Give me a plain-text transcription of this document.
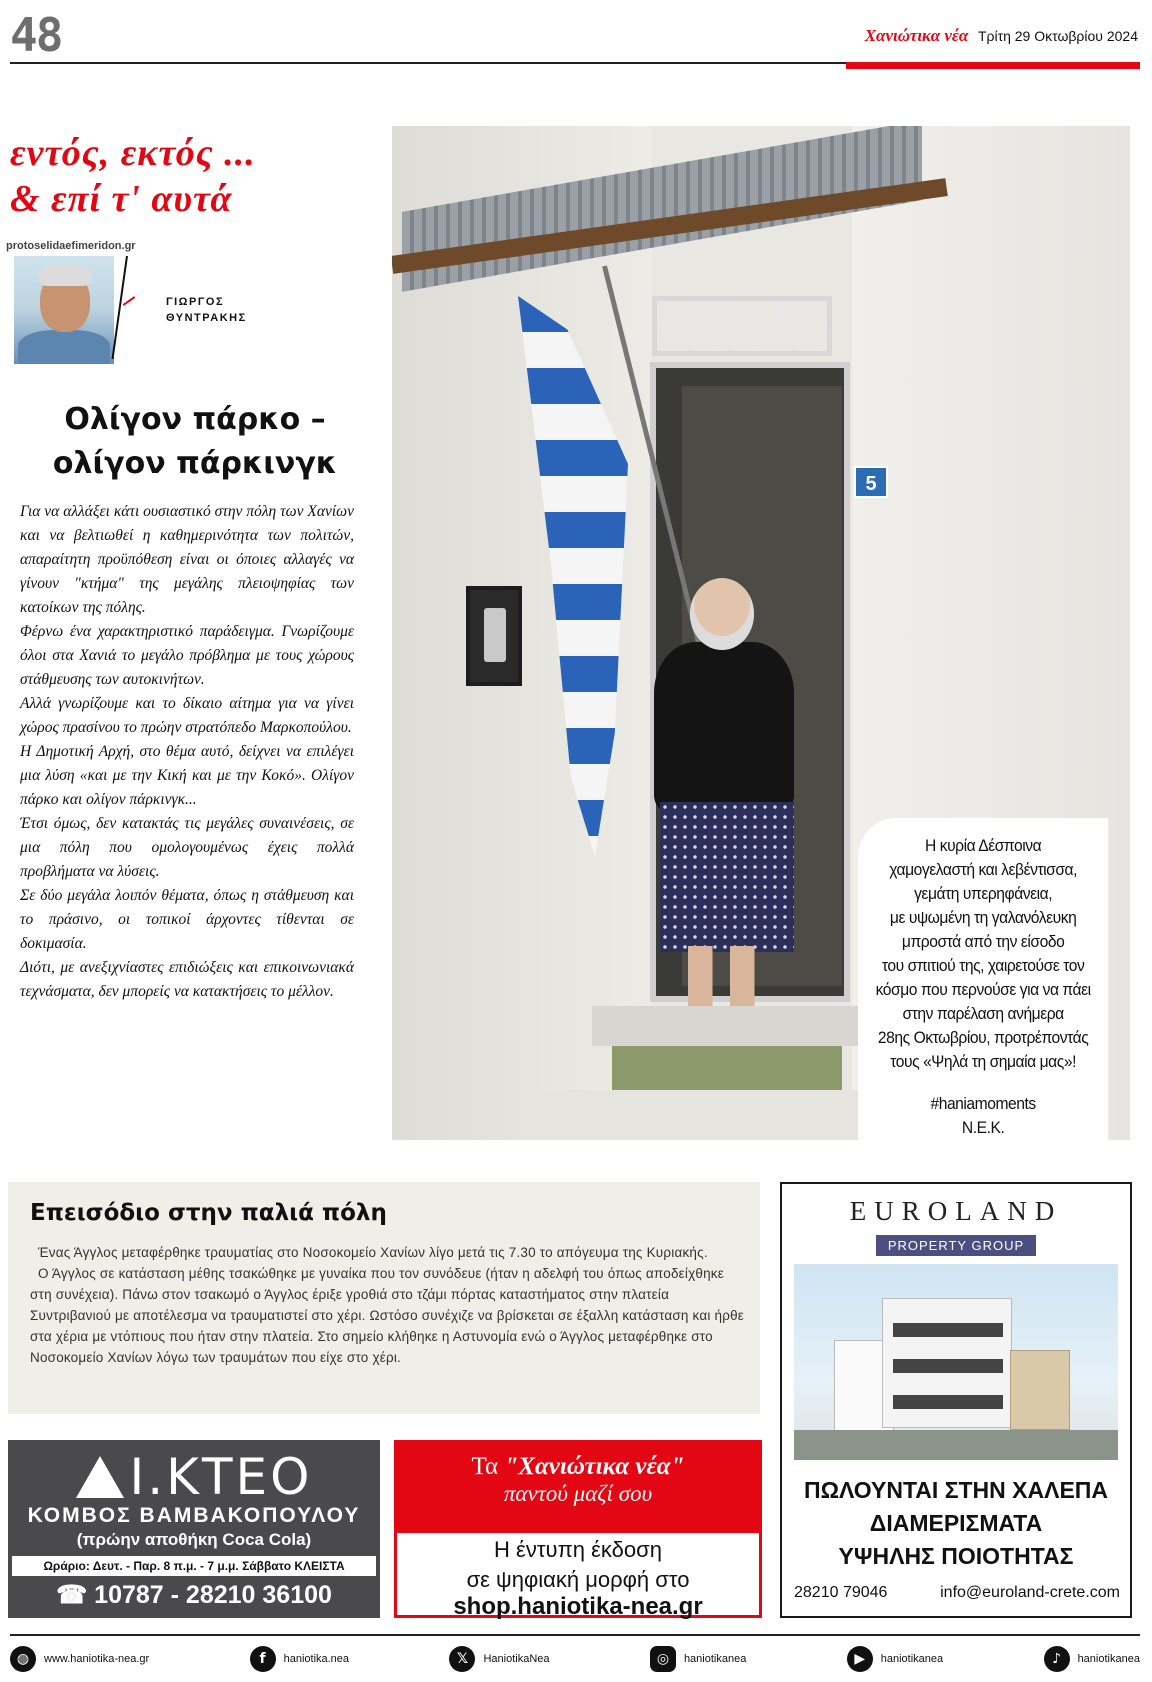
48	Χανιώτικα νέα Τρίτη 29 Οκτωβρίου 2024
εντός, εκτός ...
& επί τ' αυτά
protoselidaefimeridon.gr
ΓΙΩΡΓΟΣ
ΘΥΝΤΡΑΚΗΣ
Ολίγον πάρκο –
ολίγον πάρκινγκ

Για να αλλάξει κάτι ουσιαστικό στην πόλη των Χανίων και να βελτιωθεί η καθημερινότητα των πολιτών, απαραίτητη προϋπόθεση είναι οι όποιες αλλαγές να γίνουν "κτήμα" της μεγάλης πλειοψηφίας των κατοίκων της πόλης.

Φέρνω ένα χαρακτηριστικό παράδειγμα. Γνωρίζουμε όλοι στα Χανιά το μεγάλο πρόβλημα με τους χώρους στάθμευσης των αυτοκινήτων.

Αλλά γνωρίζουμε και το δίκαιο αίτημα για να γίνει χώρος πρασίνου το πρώην στρατόπεδο Μαρκοπούλου.

Η Δημοτική Αρχή, στο θέμα αυτό, δείχνει να επιλέγει μια λύση «και με την Κική και με την Κοκό». Ολίγον πάρκο και ολίγον πάρκινγκ...

Έτσι όμως, δεν κατακτάς τις μεγάλες συναινέσεις, σε μια πόλη που ομολογουμένως έχεις πολλά προβλήματα να λύσεις.

Σε δύο μεγάλα λοιπόν θέματα, όπως η στάθμευση και το πράσινο, οι τοπικοί άρχοντες τίθενται σε δοκιμασία.

Διότι, με ανεξιχνίαστες επιδιώξεις και επικοινωνιακά τεχνάσματα, δεν μπορείς να κατακτήσεις το μέλλον.

5
Η κυρία Δέσποινα
χαμογελαστή και λεβέντισσα,
γεμάτη υπερηφάνεια,
με υψωμένη τη γαλανόλευκη
μπροστά από την είσοδο
του σπιτιού της, χαιρετούσε τον
κόσμο που περνούσε για να πάει
στην παρέλαση ανήμερα
28ης Οκτωβρίου, προτρέποντάς
τους «Ψηλά τη σημαία μας»!
#haniamoments
Ν.Ε.Κ.
Επεισόδιο στην παλιά πόλη

Ένας Άγγλος μεταφέρθηκε τραυματίας στο Νοσοκομείο Χανίων λίγο μετά τις 7.30 το απόγευμα της Κυριακής.

Ο Άγγλος σε κατάσταση μέθης τσακώθηκε με γυναίκα που τον συνόδευε (ήταν η αδελφή του όπως αποδείχθηκε στη συνέχεια). Πάνω στον τσακωμό ο Άγγλος έριξε γροθιά στο τζάμι πόρτας καταστήματος στην πλατεία Συντριβανιού με αποτέλεσμα να τραυματιστεί στο χέρι. Ωστόσο συνέχιζε να βρίσκεται σε έξαλλη κατάσταση και ήρθε στα χέρια με ντόπιους που ήταν στην πλατεία. Στο σημείο κλήθηκε η Αστυνομία ενώ ο Άγγλος μεταφέρθηκε στο Νοσοκομείο Χανίων λόγω των τραυμάτων που είχε στο χέρι.

EUROLAND
PROPERTY GROUP
ΠΩΛΟΥΝΤΑΙ ΣΤΗΝ ΧΑΛΕΠΑ
ΔΙΑΜΕΡΙΣΜΑΤΑ
ΥΨΗΛΗΣ ΠΟΙΟΤΗΤΑΣ
28210 79046	info@euroland-crete.com
Ι.ΚΤΕΟ
ΚΟΜΒΟΣ ΒΑΜΒΑΚΟΠΟΥΛΟΥ
(πρώην αποθήκη Coca Cola)
Ωράριο: Δευτ. - Παρ. 8 π.μ. - 7 μ.μ. Σάββατο ΚΛΕΙΣΤΑ
☎ 10787 - 28210 36100
Τα "Χανιώτικα νέα"
παντού μαζί σου
Η έντυπη έκδοση
σε ψηφιακή μορφή στο
shop.haniotika-nea.gr
◍	www.haniotika-nea.gr	f	haniotika.nea	𝕏	HaniotikaNea	◎	haniotikanea	▶	haniotikanea	♪	haniotikanea
